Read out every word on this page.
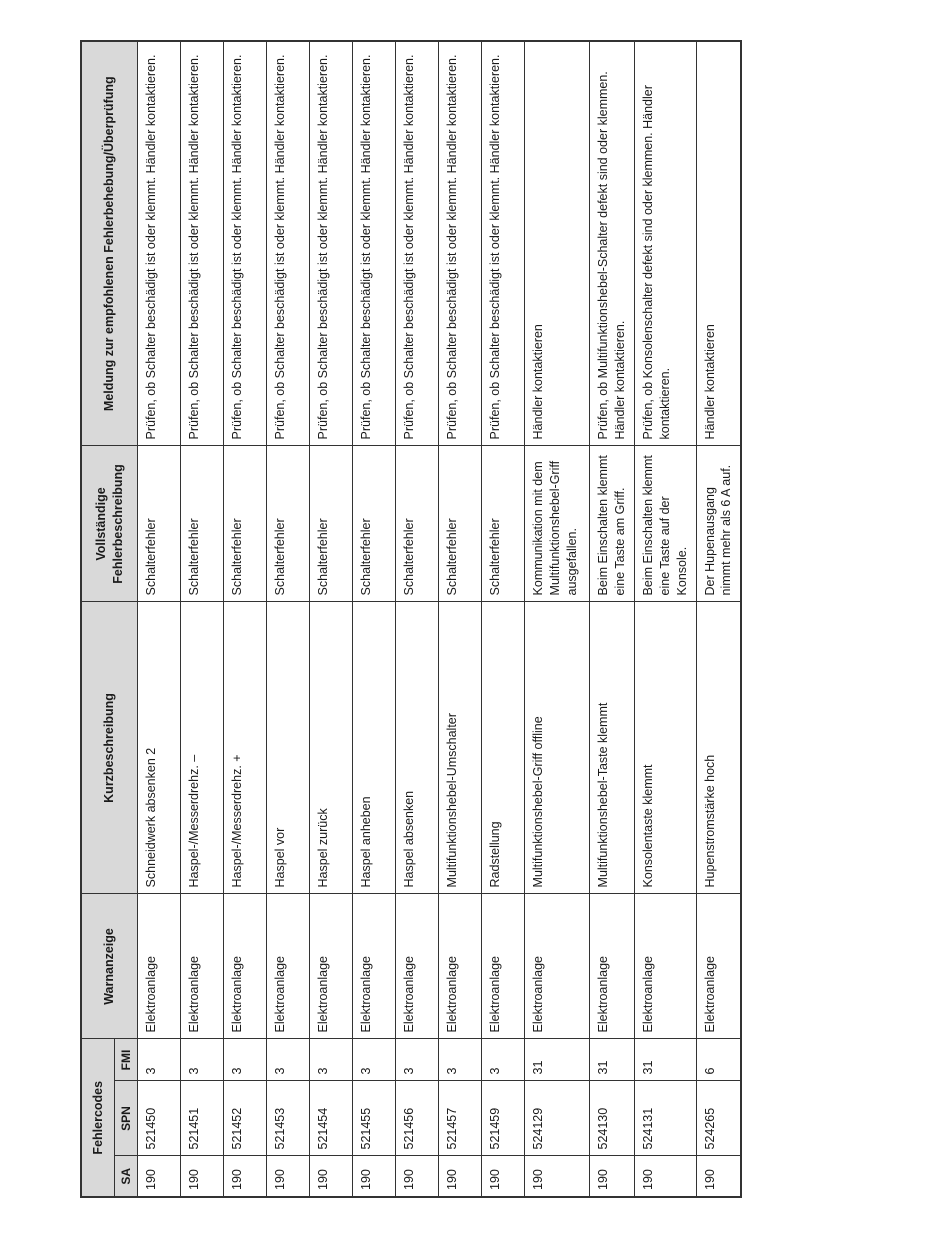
Fehlercodes			Warnanzeige	Kurzbeschreibung	Vollständige Fehlerbeschreibung	Meldung zur empfohlenen Fehlerbehebung/Überprüfung
SA	SPN	FMI				
190	521450	3	Elektroanlage	Schneidwerk absenken 2	Schalterfehler	Prüfen, ob Schalter beschädigt ist oder klemmt. Händler kontaktieren.
190	521451	3	Elektroanlage	Haspel-/Messerdrehz. –	Schalterfehler	Prüfen, ob Schalter beschädigt ist oder klemmt. Händler kontaktieren.
190	521452	3	Elektroanlage	Haspel-/Messerdrehz. +	Schalterfehler	Prüfen, ob Schalter beschädigt ist oder klemmt. Händler kontaktieren.
190	521453	3	Elektroanlage	Haspel vor	Schalterfehler	Prüfen, ob Schalter beschädigt ist oder klemmt. Händler kontaktieren.
190	521454	3	Elektroanlage	Haspel zurück	Schalterfehler	Prüfen, ob Schalter beschädigt ist oder klemmt. Händler kontaktieren.
190	521455	3	Elektroanlage	Haspel anheben	Schalterfehler	Prüfen, ob Schalter beschädigt ist oder klemmt. Händler kontaktieren.
190	521456	3	Elektroanlage	Haspel absenken	Schalterfehler	Prüfen, ob Schalter beschädigt ist oder klemmt. Händler kontaktieren.
190	521457	3	Elektroanlage	Multifunktionshebel-Umschalter	Schalterfehler	Prüfen, ob Schalter beschädigt ist oder klemmt. Händler kontaktieren.
190	521459	3	Elektroanlage	Radstellung	Schalterfehler	Prüfen, ob Schalter beschädigt ist oder klemmt. Händler kontaktieren.
190	524129	31	Elektroanlage	Multifunktionshebel-Griff offline	Kommunikation mit dem Multifunktionshebel-Griff ausgefallen.	Händler kontaktieren
190	524130	31	Elektroanlage	Multifunktionshebel-Taste klemmt	Beim Einschalten klemmt eine Taste am Griff.	Prüfen, ob Multifunktionshebel-Schalter defekt sind oder klemmen. Händler kontaktieren.
190	524131	31	Elektroanlage	Konsolentaste klemmt	Beim Einschalten klemmt eine Taste auf der Konsole.	Prüfen, ob Konsolenschalter defekt sind oder klemmen. Händler kontaktieren.
190	524265	6	Elektroanlage	Hupenstromstärke hoch	Der Hupenausgang nimmt mehr als 6 A auf.	Händler kontaktieren
